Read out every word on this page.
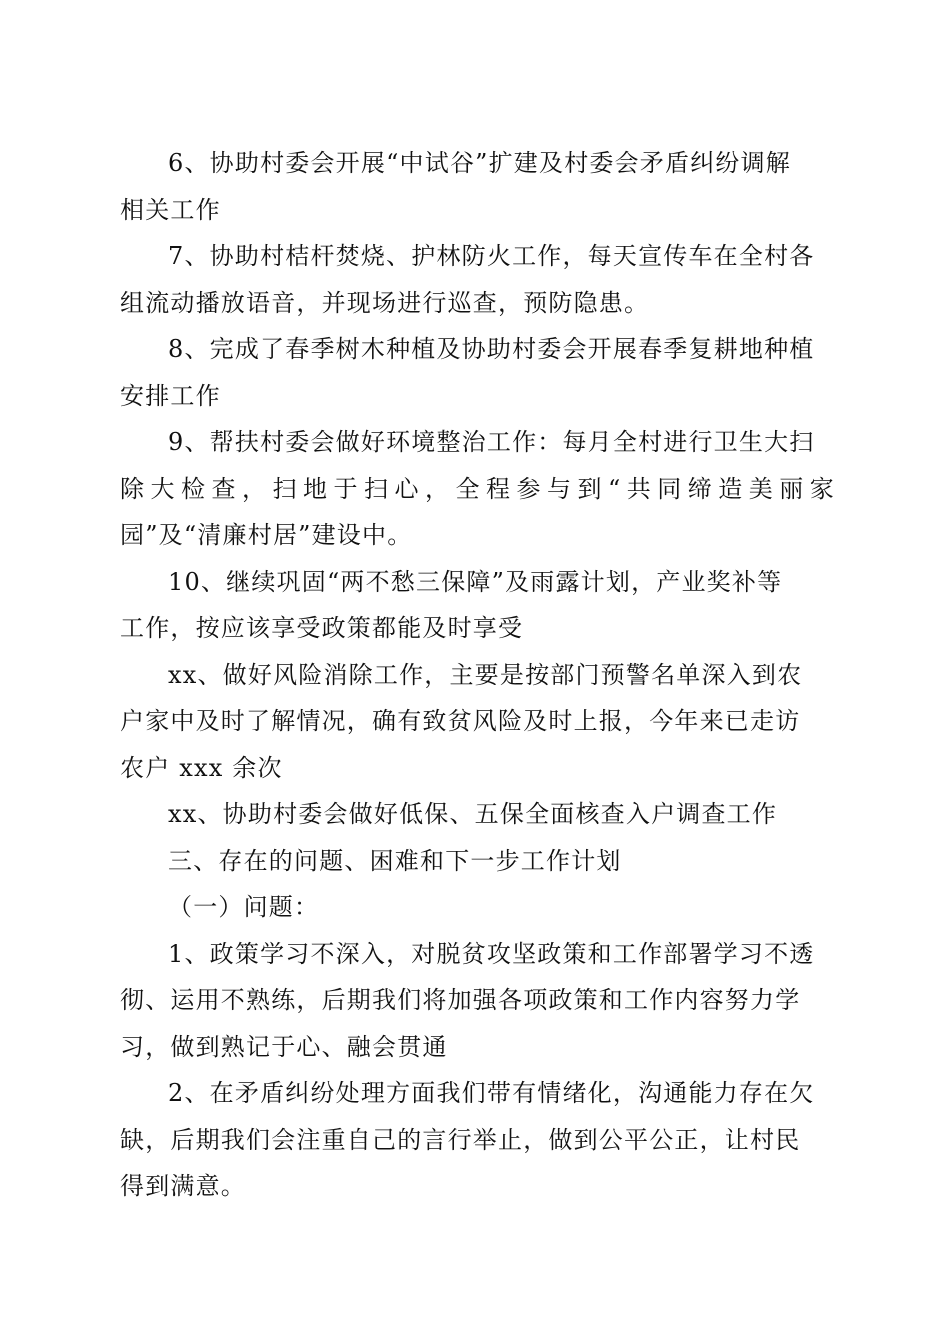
6、协助村委会开展“中试谷”扩建及村委会矛盾纠纷调解
相关工作

7、协助村桔杆焚烧、护林防火工作，每天宣传车在全村各
组流动播放语音，并现场进行巡查，预防隐患。

8、完成了春季树木种植及协助村委会开展春季复耕地种植
安排工作

9、帮扶村委会做好环境整治工作：每月全村进行卫生大扫
除大检查，扫地于扫心，全程参与到“共同缔造美丽家
园”及“清廉村居”建设中。

10、继续巩固“两不愁三保障”及雨露计划，产业奖补等
工作，按应该享受政策都能及时享受

xx、做好风险消除工作，主要是按部门预警名单深入到农
户家中及时了解情况，确有致贫风险及时上报，今年来已走访
农户 xxx 余次

xx、协助村委会做好低保、五保全面核查入户调查工作

三、存在的问题、困难和下一步工作计划

（一）问题：

1、政策学习不深入，对脱贫攻坚政策和工作部署学习不透
彻、运用不熟练，后期我们将加强各项政策和工作内容努力学
习，做到熟记于心、融会贯通

2、在矛盾纠纷处理方面我们带有情绪化，沟通能力存在欠
缺，后期我们会注重自己的言行举止，做到公平公正，让村民
得到满意。
